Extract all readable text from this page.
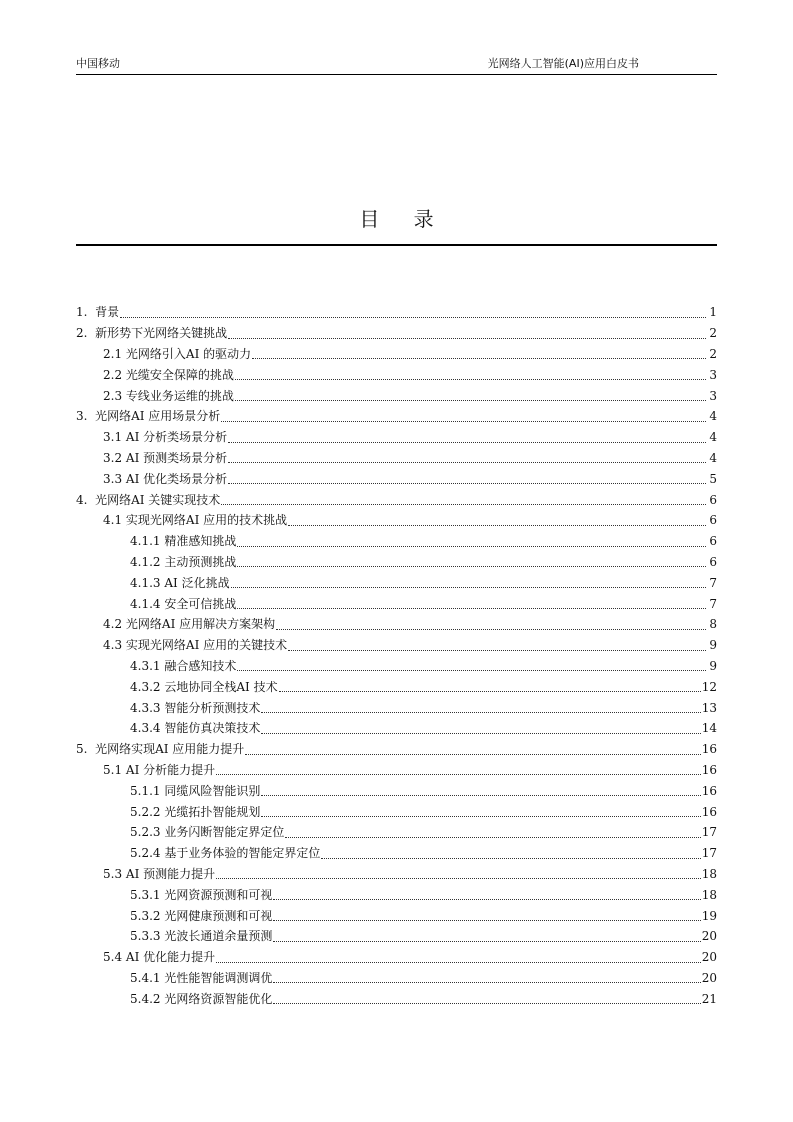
中国移动	光网络人工智能(AI)应用白皮书
目 录
1. 背景	1
2. 新形势下光网络关键挑战	2
2.1 光网络引入AI 的驱动力	2
2.2 光缆安全保障的挑战	3
2.3 专线业务运维的挑战	3
3. 光网络AI 应用场景分析	4
3.1 AI 分析类场景分析	4
3.2 AI 预测类场景分析	4
3.3 AI 优化类场景分析	5
4. 光网络AI 关键实现技术	6
4.1 实现光网络AI 应用的技术挑战	6
4.1.1 精准感知挑战	6
4.1.2 主动预测挑战	6
4.1.3 AI 泛化挑战	7
4.1.4 安全可信挑战	7
4.2 光网络AI 应用解决方案架构	8
4.3 实现光网络AI 应用的关键技术	9
4.3.1 融合感知技术	9
4.3.2 云地协同全栈AI 技术	12
4.3.3 智能分析预测技术	13
4.3.4 智能仿真决策技术	14
5. 光网络实现AI 应用能力提升	16
5.1 AI 分析能力提升	16
5.1.1 同缆风险智能识别	16
5.2.2 光缆拓扑智能规划	16
5.2.3 业务闪断智能定界定位	17
5.2.4 基于业务体验的智能定界定位	17
5.3 AI 预测能力提升	18
5.3.1 光网资源预测和可视	18
5.3.2 光网健康预测和可视	19
5.3.3 光波长通道余量预测	20
5.4 AI 优化能力提升	20
5.4.1 光性能智能调测调优	20
5.4.2 光网络资源智能优化	21
